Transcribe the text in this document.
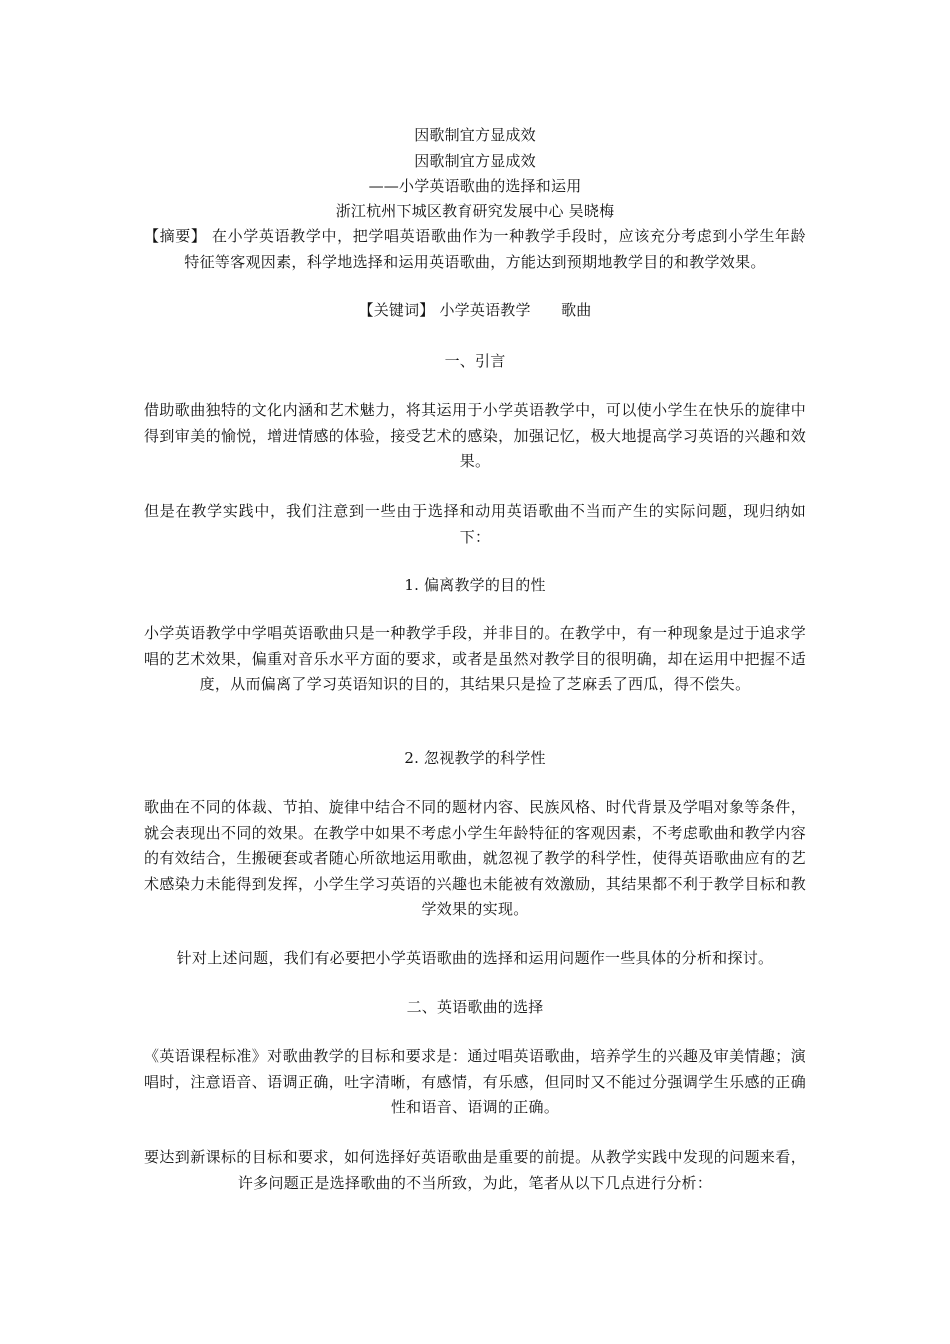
因歌制宜方显成效
因歌制宜方显成效
——小学英语歌曲的选择和运用
浙江杭州下城区教育研究发展中心 吴晓梅
【摘要】 在小学英语教学中，把学唱英语歌曲作为一种教学手段时，应该充分考虑到小学生年龄特征等客观因素，科学地选择和运用英语歌曲，方能达到预期地教学目的和教学效果。
【关键词】 小学英语教学　　歌曲
一、引言
借助歌曲独特的文化内涵和艺术魅力，将其运用于小学英语教学中，可以使小学生在快乐的旋律中得到审美的愉悦，增进情感的体验，接受艺术的感染，加强记忆，极大地提高学习英语的兴趣和效果。
但是在教学实践中，我们注意到一些由于选择和动用英语歌曲不当而产生的实际问题，现归纳如下：
1. 偏离教学的目的性
小学英语教学中学唱英语歌曲只是一种教学手段，并非目的。在教学中，有一种现象是过于追求学唱的艺术效果，偏重对音乐水平方面的要求，或者是虽然对教学目的很明确，却在运用中把握不适度，从而偏离了学习英语知识的目的，其结果只是捡了芝麻丢了西瓜，得不偿失。
2. 忽视教学的科学性
歌曲在不同的体裁、节拍、旋律中结合不同的题材内容、民族风格、时代背景及学唱对象等条件，就会表现出不同的效果。在教学中如果不考虑小学生年龄特征的客观因素，不考虑歌曲和教学内容的有效结合，生搬硬套或者随心所欲地运用歌曲，就忽视了教学的科学性，使得英语歌曲应有的艺术感染力未能得到发挥，小学生学习英语的兴趣也未能被有效激励，其结果都不利于教学目标和教学效果的实现。
针对上述问题，我们有必要把小学英语歌曲的选择和运用问题作一些具体的分析和探讨。
二、英语歌曲的选择
《英语课程标准》对歌曲教学的目标和要求是：通过唱英语歌曲，培养学生的兴趣及审美情趣；演唱时，注意语音、语调正确，吐字清晰，有感情，有乐感，但同时又不能过分强调学生乐感的正确性和语音、语调的正确。
要达到新课标的目标和要求，如何选择好英语歌曲是重要的前提。从教学实践中发现的问题来看，许多问题正是选择歌曲的不当所致，为此，笔者从以下几点进行分析：
